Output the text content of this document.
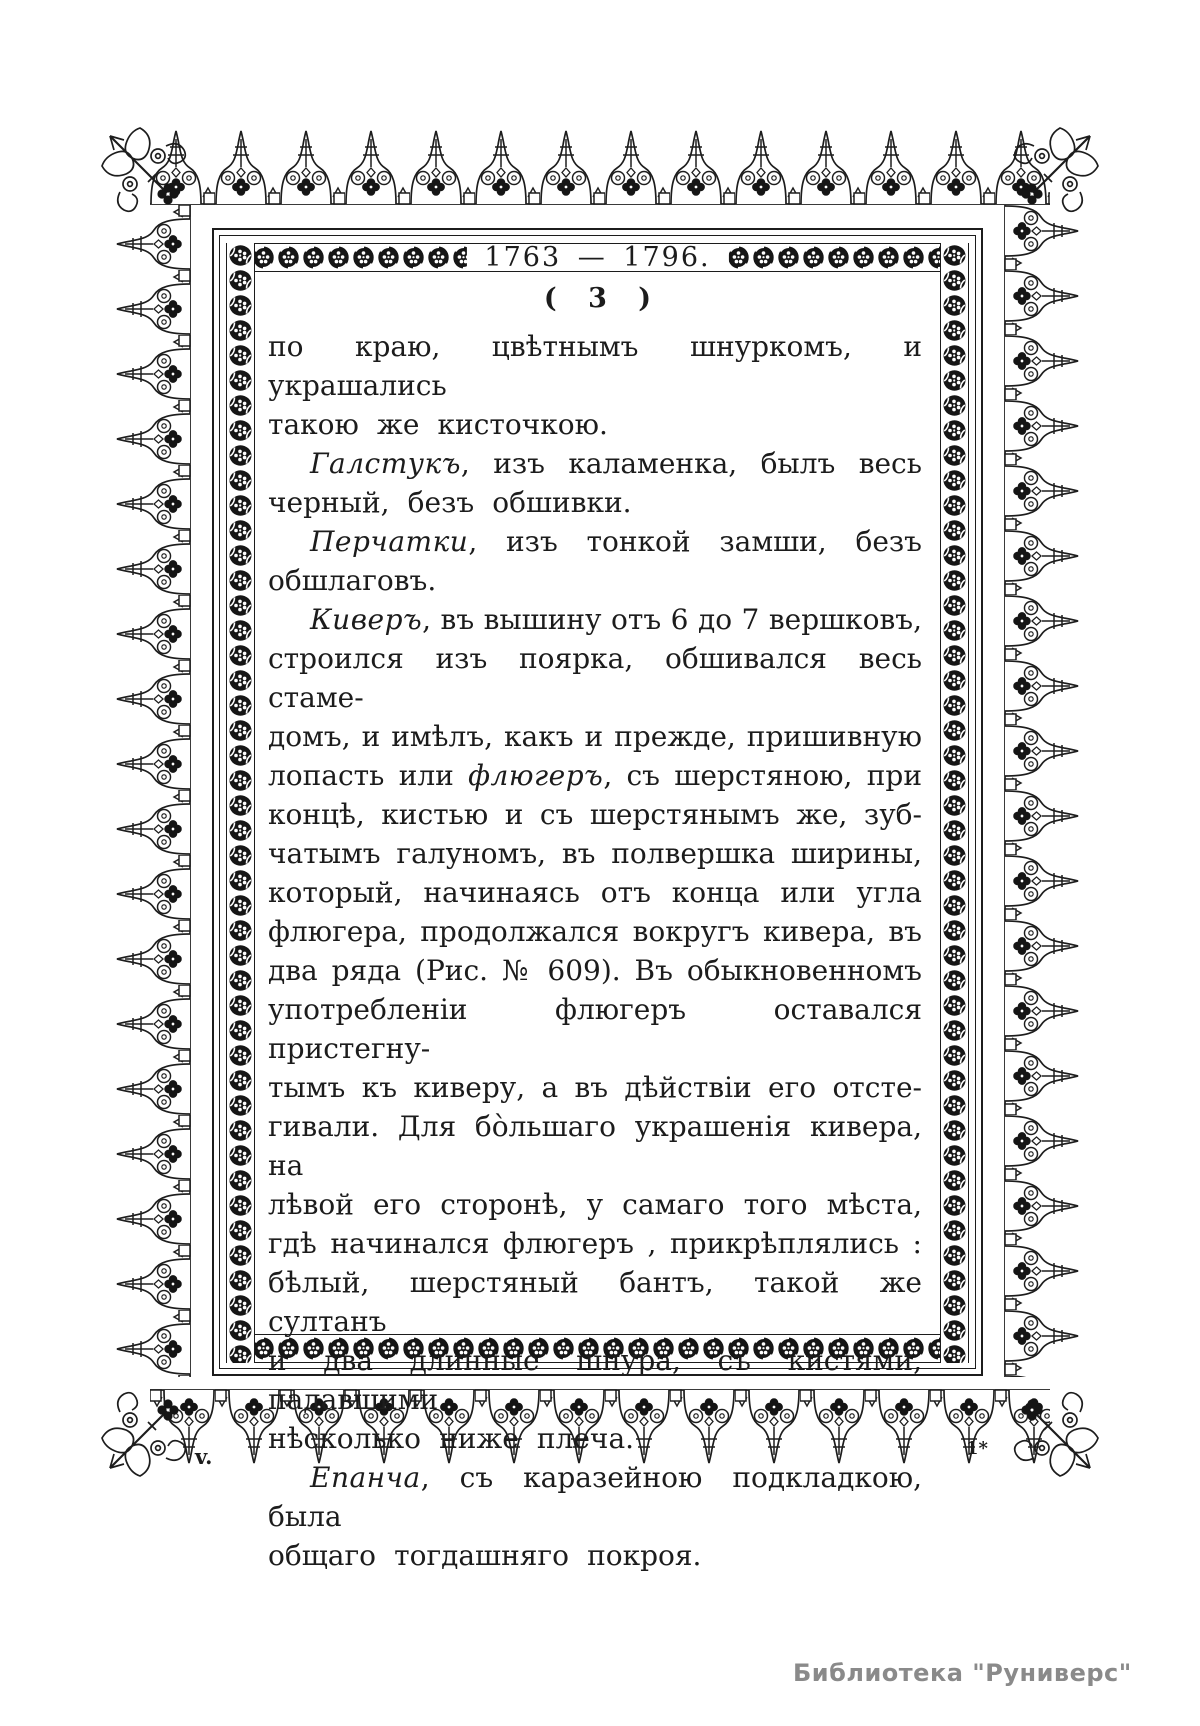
1763 — 1796.
( 3 )
по краю, цвѣтнымъ шнуркомъ, и украшались
такою же кисточкою.
Галстукъ, изъ каламенка, былъ весь
черный, безъ обшивки.
Перчатки, изъ тонкой замши, безъ
обшлаговъ.
Киверъ, въ вышину отъ 6 до 7 вершковъ,
строился изъ поярка, обшивался весь стаме-
домъ, и имѣлъ, какъ и прежде, пришивную
лопасть или флюгеръ, съ шерстяною, при
концѣ, кистью и съ шерстянымъ же, зуб-
чатымъ галуномъ, въ полвершка ширины,
который, начинаясь отъ конца или угла
флюгера, продолжался вокругъ кивера, въ
два ряда (Рис. № 609). Въ обыкновенномъ
употребленіи флюгеръ оставался пристегну-
тымъ къ киверу, а въ дѣйствіи его отсте-
гивали. Для бо̀льшаго украшенія кивера, на
лѣвой его сторонѣ, у самаго того мѣста,
гдѣ начинался флюгеръ , прикрѣплялись :
бѣлый, шерстяный бантъ, такой же султанъ
и два длинные шнура, съ кистями, падавшими
нѣсколько ниже плеча.
Епанча, съ каразейною подкладкою, была
общаго тогдашняго покроя.
v.	1*
Библиотека "Руниверс"
